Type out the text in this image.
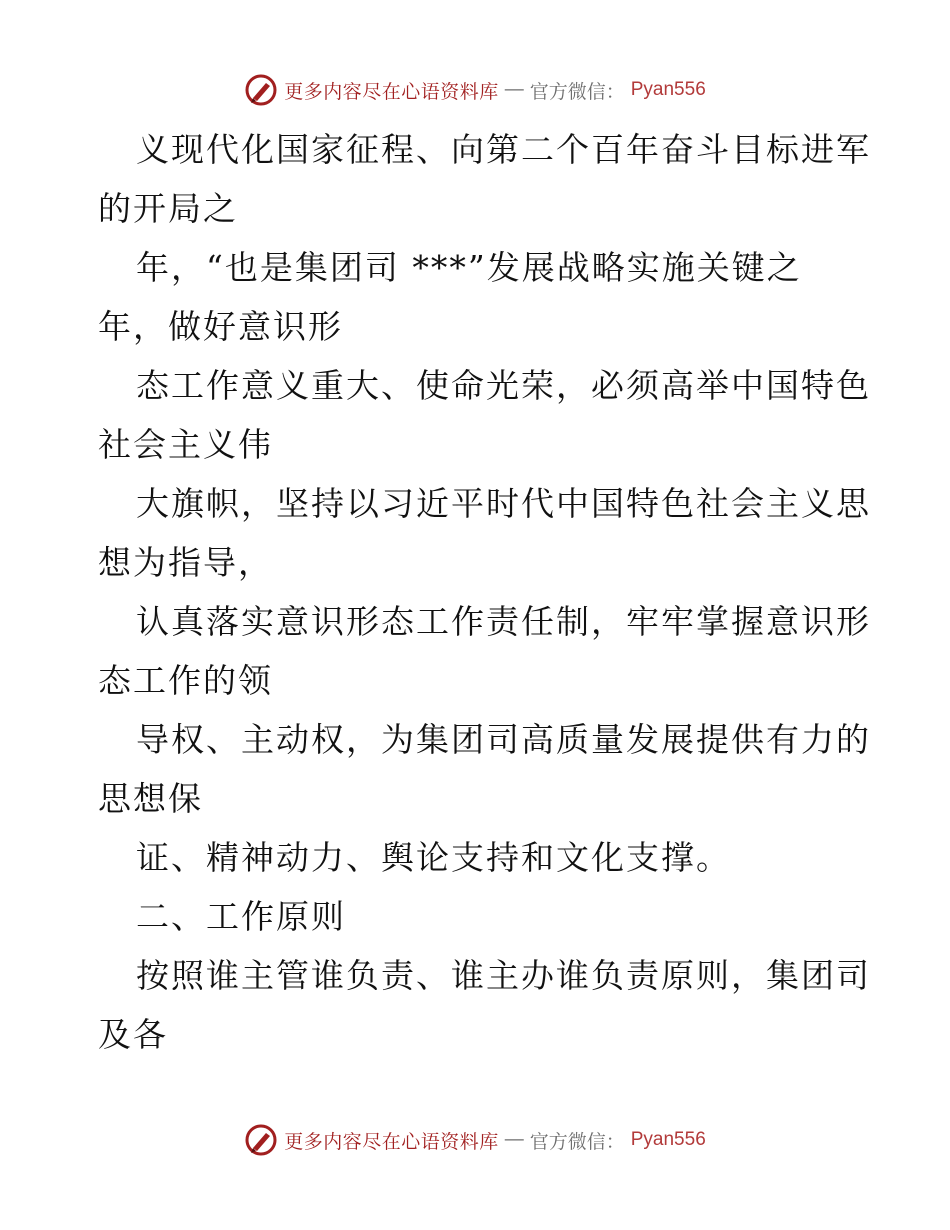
更多内容尽在心语资料库 — 官方微信： Pyan556
义现代化国家征程、向第二个百年奋斗目标进军
的开局之
年，“也是集团司 ***”发展战略实施关键之
年，做好意识形
态工作意义重大、使命光荣，必须高举中国特色
社会主义伟
大旗帜，坚持以习近平时代中国特色社会主义思
想为指导，
认真落实意识形态工作责任制，牢牢掌握意识形
态工作的领
导权、主动权，为集团司高质量发展提供有力的
思想保
证、精神动力、舆论支持和文化支撑。
二、工作原则
按照谁主管谁负责、谁主办谁负责原则，集团司
及各
更多内容尽在心语资料库 — 官方微信： Pyan556
